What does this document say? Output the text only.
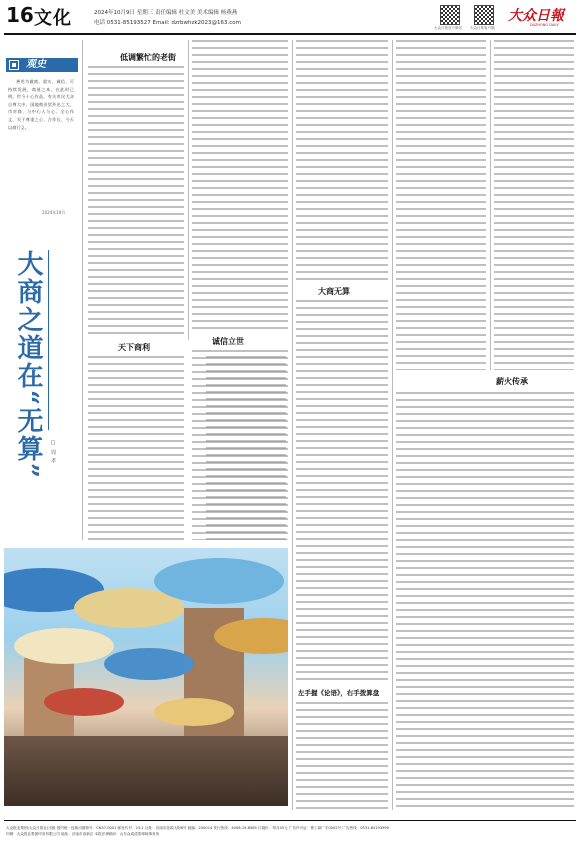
16 文化	2024年10月9日 星期三 责任编辑 杜文美 美术编辑 杨燕燕
电话 0531-85193527 Email: dzrbwhzk2023@163.com
大众日报官方微信 大众日报客户端
大众日報
DAZHONG DAILY
观史
善用为做商，重实、诚信、可持续发展，商道之本，在此时已明。世今十心作品，有关市民大众自尊大中。国地商业贸外出之大，市对商、与中心人与心、全心作文，关于尊重之心、合作长、今天以商行义。
2024年10月
大商之道在“无算” □ 周 孝
低调繁忙的老街
天下商利
诚信立世
大商无算
左手握《论语》，右手拨算盘
薪火传承
大众报业集团(大众日报社)出版 国内统一连续出版物号：CN37-0001 邮发代号：23-1 社址：济南市泺源大街6号 邮编：250014 发行热线：4006-19-8585 订阅价：每月45元 广告许可证：鲁工商广字0002号 广告热线：0531-85193999
印刷：大众报业集团印务有限公司 地址：济南市高新区 本报法律顾问：山东众成清泰律师事务所
